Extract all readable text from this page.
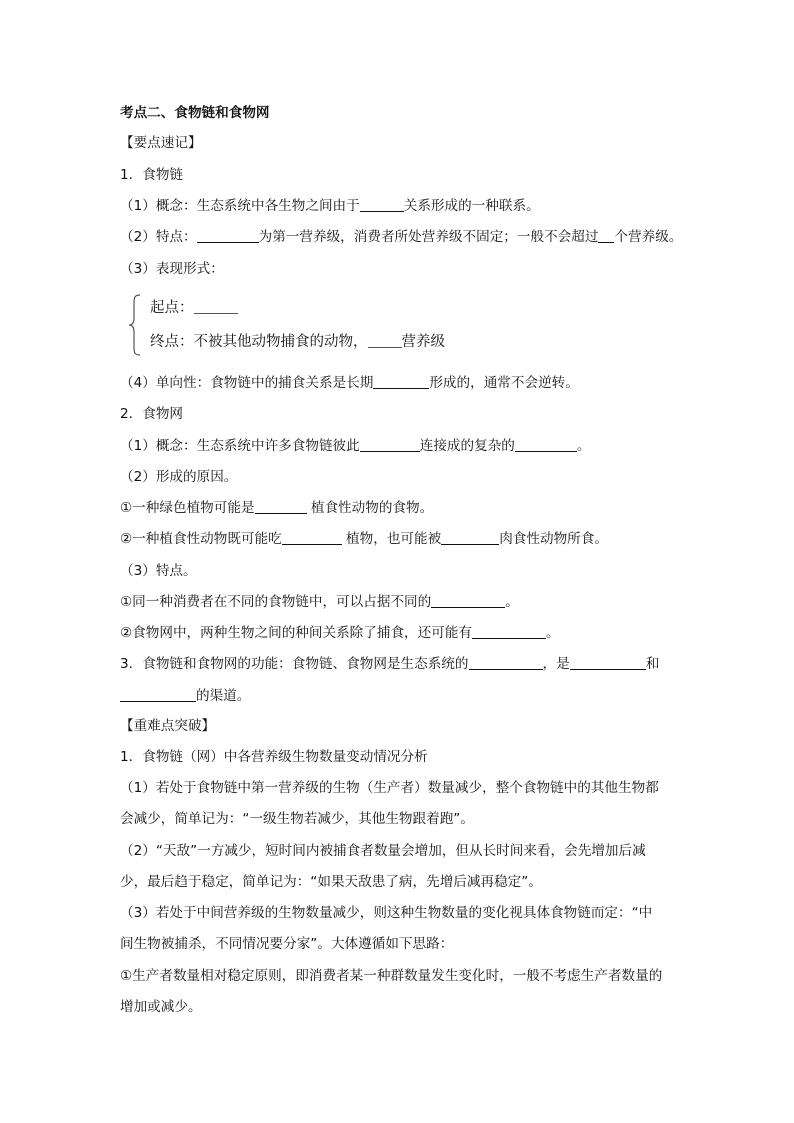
考点二、食物链和食物网
【要点速记】
1．食物链
（1）概念：生态系统中各生物之间由于	关系形成的一种联系。
（2）特点：	为第一营养级，消费者所处营养级不固定；一般不会超过 个营养级。
（3）表现形式：
起点：
终点：不被其他动物捕食的动物， 营养级
（4）单向性：食物链中的捕食关系是长期	形成的，通常不会逆转。
2．食物网
（1）概念：生态系统中许多食物链彼此	连接成的复杂的	。
（2）形成的原因。
①一种绿色植物可能是	植食性动物的食物。
②一种植食性动物既可能吃	植物，也可能被	肉食性动物所食。
（3）特点。
①同一种消费者在不同的食物链中，可以占据不同的	。
②食物网中，两种生物之间的种间关系除了捕食，还可能有	。
3．食物链和食物网的功能：食物链、食物网是生态系统的	，是	和
的渠道。
【重难点突破】
1．食物链（网）中各营养级生物数量变动情况分析
（1）若处于食物链中第一营养级的生物（生产者）数量减少，整个食物链中的其他生物都
会减少，简单记为：“一级生物若减少，其他生物跟着跑”。
（2）“天敌”一方减少，短时间内被捕食者数量会增加，但从长时间来看，会先增加后减
少，最后趋于稳定，简单记为：“如果天敌患了病，先增后减再稳定”。
（3）若处于中间营养级的生物数量减少，则这种生物数量的变化视具体食物链而定：“中
间生物被捕杀，不同情况要分家”。大体遵循如下思路：
①生产者数量相对稳定原则，即消费者某一种群数量发生变化时，一般不考虑生产者数量的
增加或减少。
